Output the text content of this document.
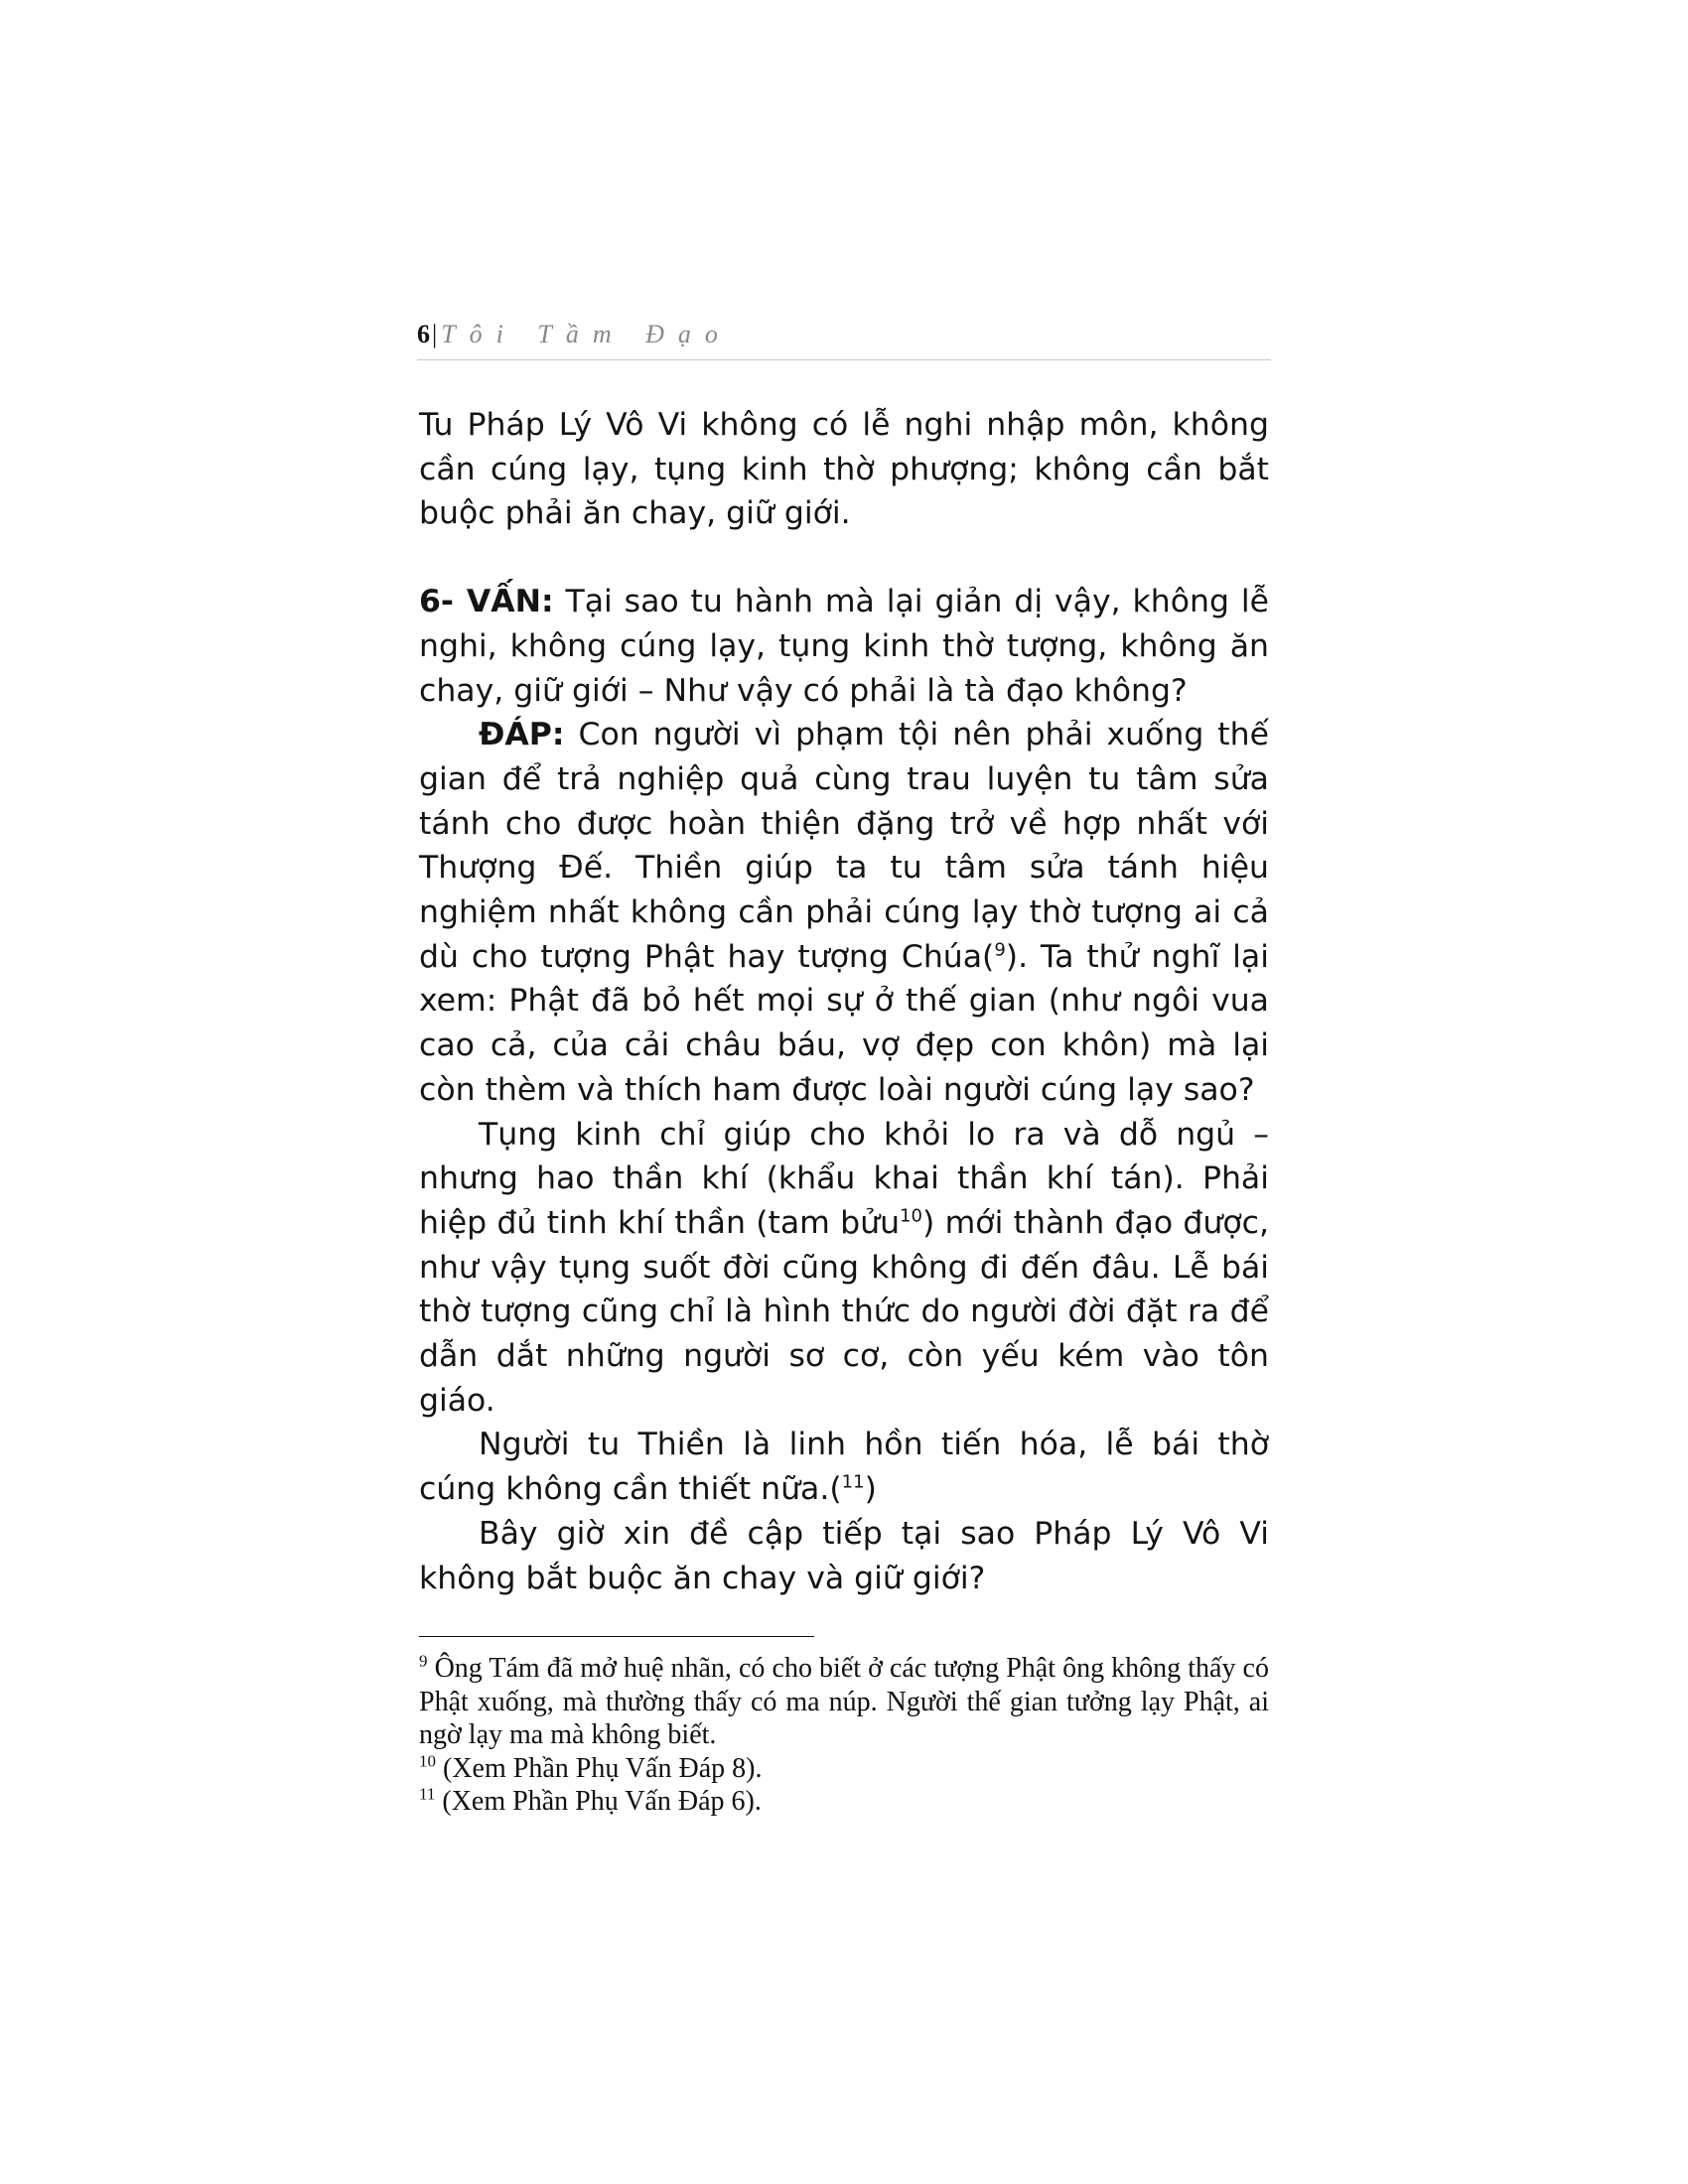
6| Tôi Tầm Đạo

Tu Pháp Lý Vô Vi không có lễ nghi nhập môn, không cần cúng lạy, tụng kinh thờ phượng; không cần bắt buộc phải ăn chay, giữ giới.

6- VẤN: Tại sao tu hành mà lại giản dị vậy, không lễ nghi, không cúng lạy, tụng kinh thờ tượng, không ăn chay, giữ giới – Như vậy có phải là tà đạo không?

ĐÁP: Con người vì phạm tội nên phải xuống thế gian để trả nghiệp quả cùng trau luyện tu tâm sửa tánh cho được hoàn thiện đặng trở về hợp nhất với Thượng Đế. Thiền giúp ta tu tâm sửa tánh hiệu nghiệm nhất không cần phải cúng lạy thờ tượng ai cả dù cho tượng Phật hay tượng Chúa($^9$). Ta thử nghĩ lại xem: Phật đã bỏ hết mọi sự ở thế gian (như ngôi vua cao cả, của cải châu báu, vợ đẹp con khôn) mà lại còn thèm và thích ham được loài người cúng lạy sao?

Tụng kinh chỉ giúp cho khỏi lo ra và dỗ ngủ – nhưng hao thần khí (khẩu khai thần khí tán). Phải hiệp đủ tinh khí thần (tam bửu$^{10}$) mới thành đạo được, như vậy tụng suốt đời cũng không đi đến đâu. Lễ bái thờ tượng cũng chỉ là hình thức do người đời đặt ra để dẫn dắt những người sơ cơ, còn yếu kém vào tôn giáo.

Người tu Thiền là linh hồn tiến hóa, lễ bái thờ cúng không cần thiết nữa.($^{11}$)

Bây giờ xin đề cập tiếp tại sao Pháp Lý Vô Vi không bắt buộc ăn chay và giữ giới?

$^9$ Ông Tám đã mở huệ nhãn, có cho biết ở các tượng Phật ông không thấy có Phật xuống, mà thường thấy có ma núp. Người thế gian tưởng lạy Phật, ai ngờ lạy ma mà không biết.

$^{10}$ (Xem Phần Phụ Vấn Đáp 8).

$^{11}$ (Xem Phần Phụ Vấn Đáp 6).
